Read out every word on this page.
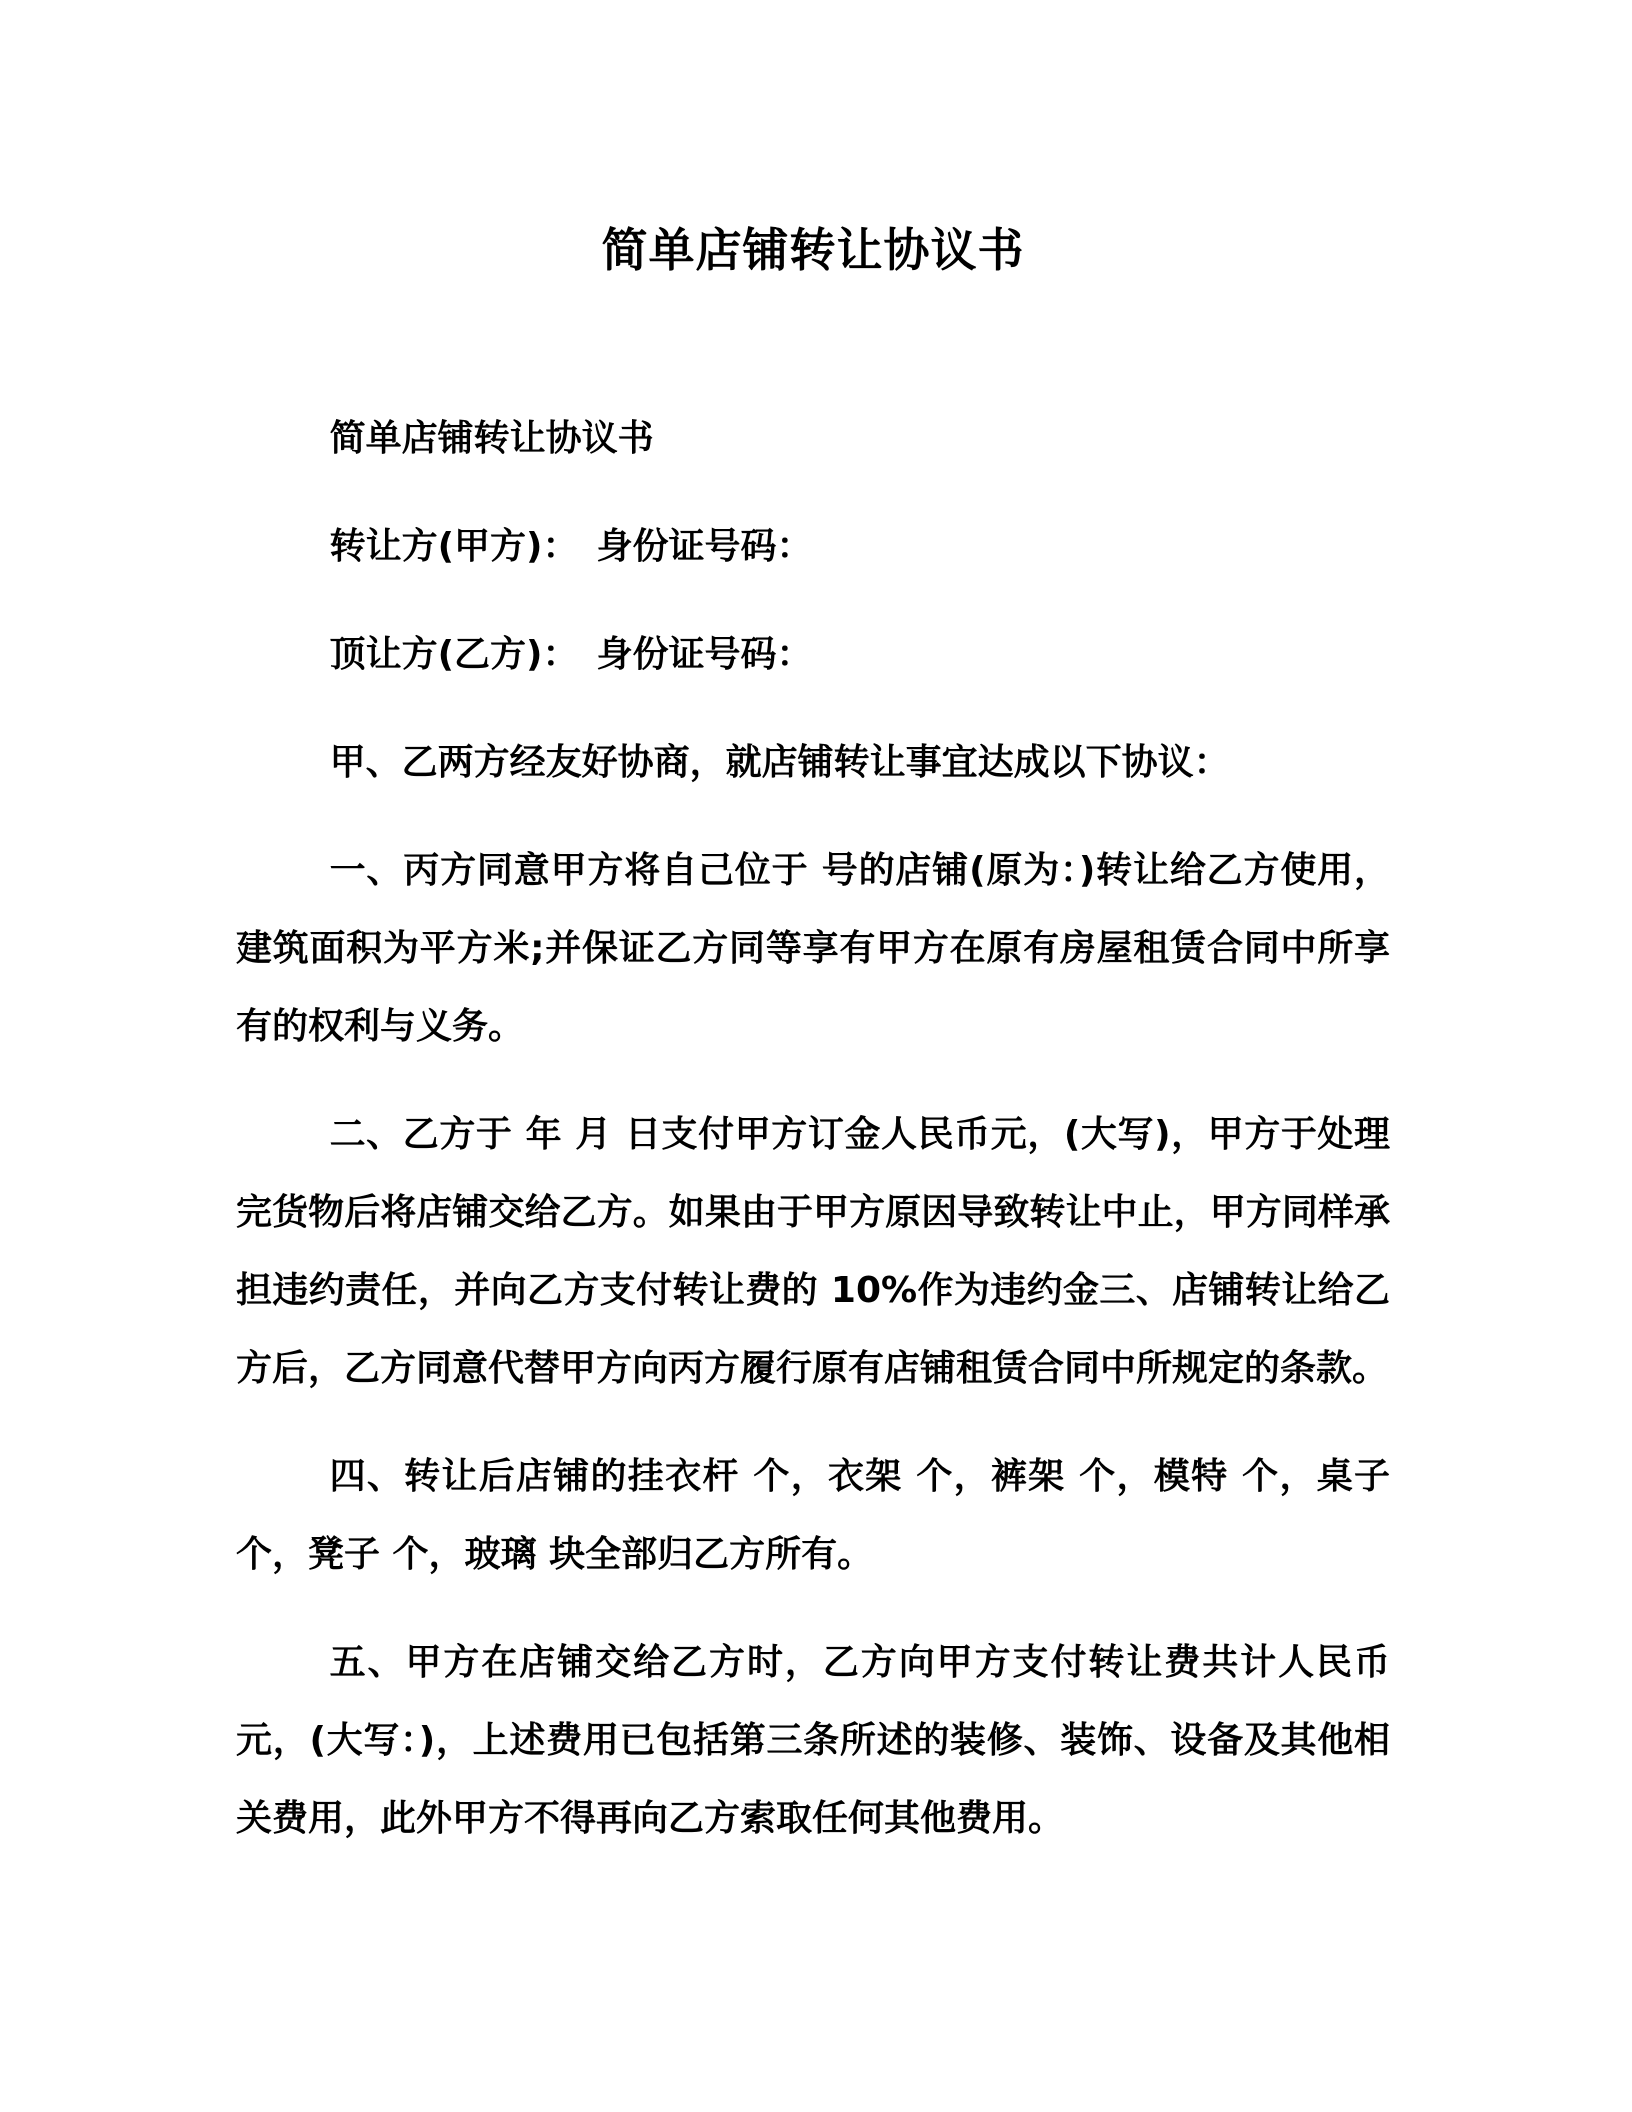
简单店铺转让协议书

简单店铺转让协议书

转让方(甲方)：　身份证号码：

顶让方(乙方)：　身份证号码：

甲、乙两方经友好协商，就店铺转让事宜达成以下协议：

一、丙方同意甲方将自己位于 号的店铺(原为：)转让给乙方使用，建筑面积为平方米;并保证乙方同等享有甲方在原有房屋租赁合同中所享有的权利与义务。

二、乙方于 年 月 日支付甲方订金人民币元，(大写)，甲方于处理完货物后将店铺交给乙方。如果由于甲方原因导致转让中止，甲方同样承担违约责任，并向乙方支付转让费的 10%作为违约金三、店铺转让给乙方后，乙方同意代替甲方向丙方履行原有店铺租赁合同中所规定的条款。

四、转让后店铺的挂衣杆 个，衣架 个，裤架 个，模特 个，桌子 个，凳子 个，玻璃 块全部归乙方所有。

五、甲方在店铺交给乙方时，乙方向甲方支付转让费共计人民币元，(大写：)，上述费用已包括第三条所述的装修、装饰、设备及其他相关费用，此外甲方不得再向乙方索取任何其他费用。
